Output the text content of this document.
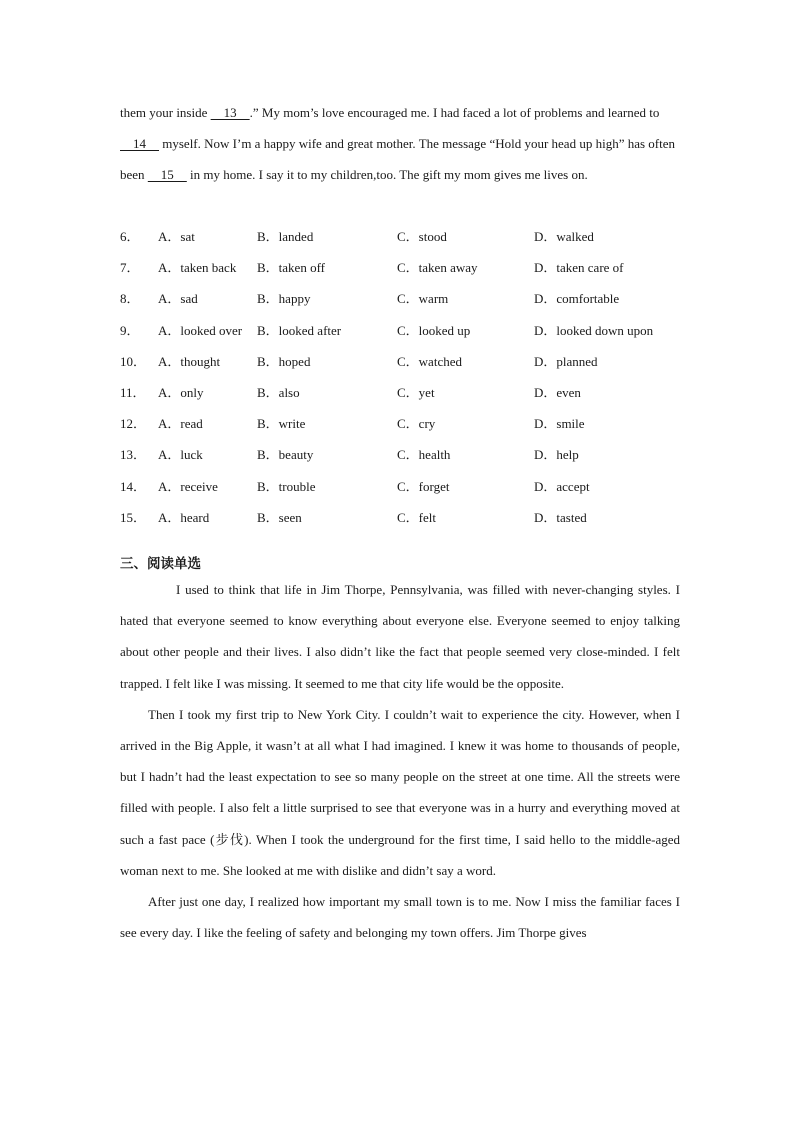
them your inside     13    .” My mom’s love encouraged me. I had faced a lot of problems and learned to     14     myself. Now I’m a happy wife and great mother. The message “Hold your head up high” has often been     15     in my home. I say it to my children,too. The gift my mom gives me lives on.

6． A．sat	B．landed	C．stood	D．walked
7． A．taken back B．taken off	C．taken away	D．taken care of
8． A．sad	B．happy	C．warm	D．comfortable
9． A．looked over B．looked after	C．looked up	D．looked down upon
10． A．thought	B．hoped	C．watched	D．planned
11． A．only	B．also	C．yet	D．even
12． A．read	B．write	C．cry	D．smile
13． A．luck	B．beauty	C．health	D．help
14． A．receive	B．trouble	C．forget	D．accept
15． A．heard	B．seen	C．felt	D．tasted
三、阅读单选

I used to think that life in Jim Thorpe, Pennsylvania, was filled with never-changing styles. I hated that everyone seemed to know everything about everyone else. Everyone seemed to enjoy talking about other people and their lives. I also didn’t like the fact that people seemed very close-minded. I felt trapped. I felt like I was missing. It seemed to me that city life would be the opposite.

Then I took my first trip to New York City. I couldn’t wait to experience the city. However, when I arrived in the Big Apple, it wasn’t at all what I had imagined. I knew it was home to thousands of people, but I hadn’t had the least expectation to see so many people on the street at one time. All the streets were filled with people. I also felt a little surprised to see that everyone was in a hurry and everything moved at such a fast pace (步伐). When I took the underground for the first time, I said hello to the middle-aged woman next to me. She looked at me with dislike and didn’t say a word.

After just one day, I realized how important my small town is to me. Now I miss the familiar faces I see every day. I like the feeling of safety and belonging my town offers. Jim Thorpe gives
